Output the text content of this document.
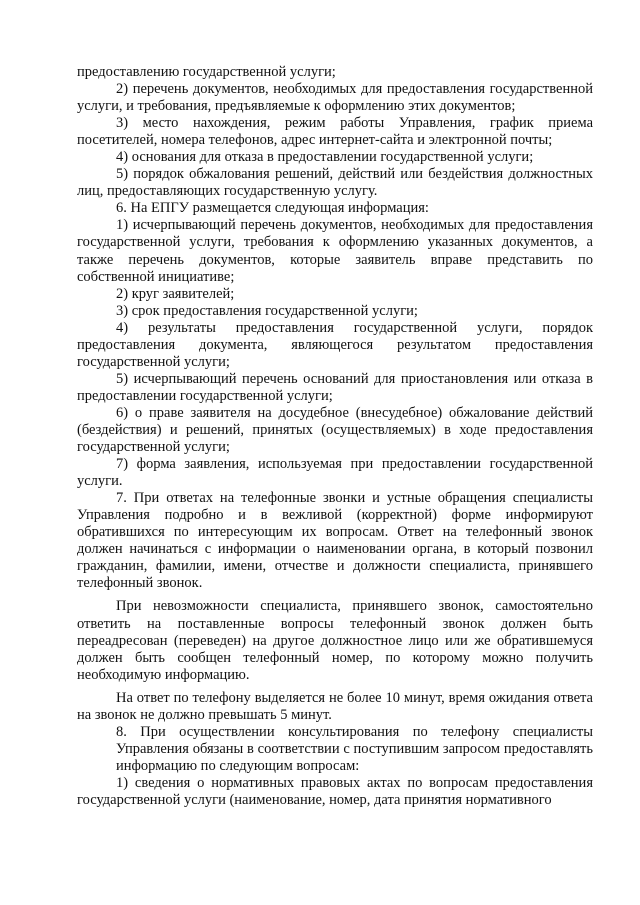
предоставлению государственной услуги;

2) перечень документов, необходимых для предоставления государственной услуги, и требования, предъявляемые к оформлению этих документов;

3) место нахождения, режим работы Управления, график приема посетителей, номера телефонов, адрес интернет-сайта и электронной почты;

4) основания для отказа в предоставлении государственной услуги;

5) порядок обжалования решений, действий или бездействия должностных лиц, предоставляющих государственную услугу.

6. На ЕПГУ размещается следующая информация:

1) исчерпывающий перечень документов, необходимых для предоставления государственной услуги, требования к оформлению указанных документов, а также перечень документов, которые заявитель вправе представить по собственной инициативе;

2) круг заявителей;

3) срок предоставления государственной услуги;

4) результаты предоставления государственной услуги, порядок предоставления документа, являющегося результатом предоставления государственной услуги;

5) исчерпывающий перечень оснований для приостановления или отказа в предоставлении государственной услуги;

6) о праве заявителя на досудебное (внесудебное) обжалование действий (бездействия) и решений, принятых (осуществляемых) в ходе предоставления государственной услуги;

7) форма заявления, используемая при предоставлении государственной услуги.

7. При ответах на телефонные звонки и устные обращения специалисты Управления подробно и в вежливой (корректной) форме информируют обратившихся по интересующим их вопросам. Ответ на телефонный звонок должен начинаться с информации о наименовании органа, в который позвонил гражданин, фамилии, имени, отчестве и должности специалиста, принявшего телефонный звонок.

При невозможности специалиста, принявшего звонок, самостоятельно ответить на поставленные вопросы телефонный звонок должен быть переадресован (переведен) на другое должностное лицо или же обратившемуся должен быть сообщен телефонный номер, по которому можно получить необходимую информацию.

На ответ по телефону выделяется не более 10 минут, время ожидания ответа на звонок не должно превышать 5 минут.

8. При осуществлении консультирования по телефону специалисты Управления обязаны в соответствии с поступившим запросом предоставлять информацию по следующим вопросам:

1) сведения о нормативных правовых актах по вопросам предоставления государственной услуги (наименование, номер, дата принятия нормативного
